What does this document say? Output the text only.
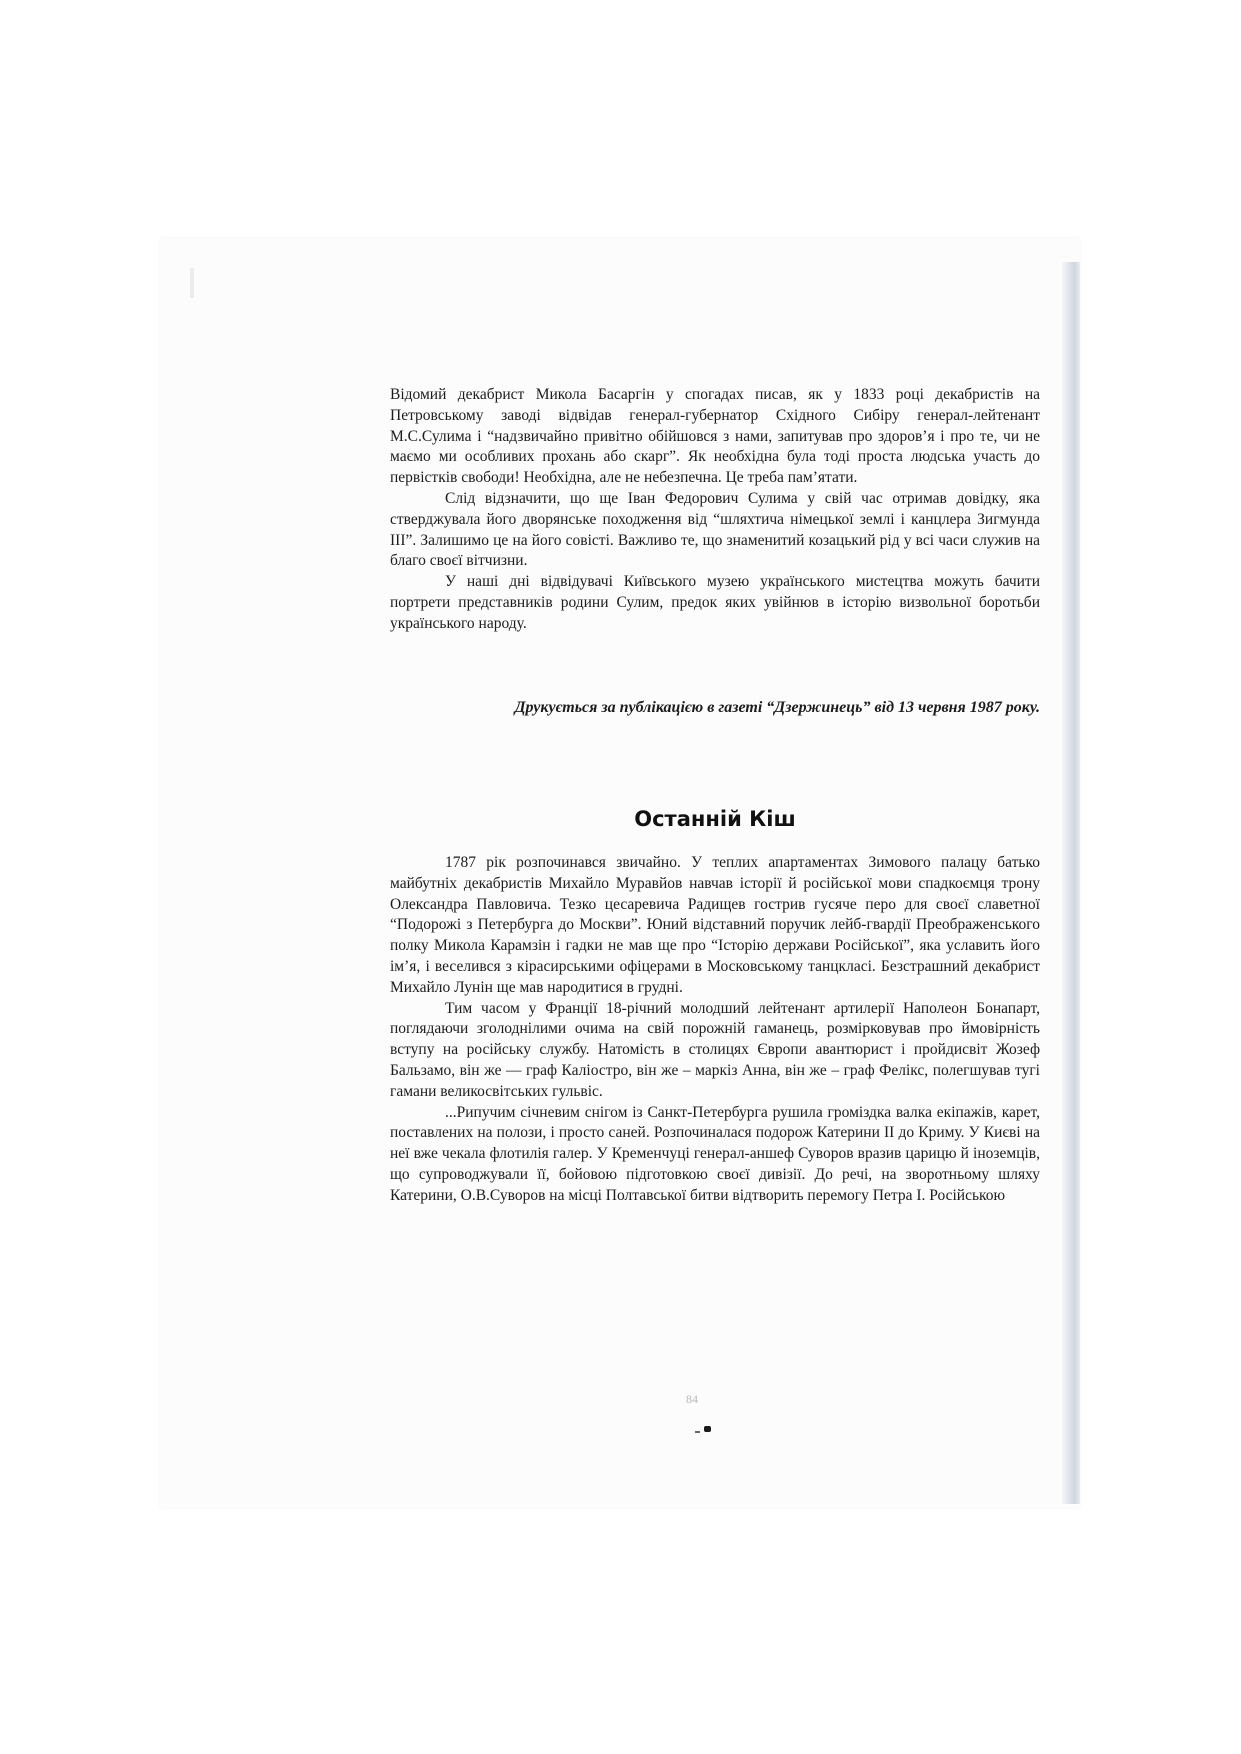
Відомий декабрист Микола Басаргін у спогадах писав, як у 1833 році декабристів на Петровському заводі відвідав генерал-губернатор Східного Сибіру генерал-лейтенант М.С.Сулима і “надзвичайно привітно обійшовся з нами, запитував про здоров’я і про те, чи не маємо ми особливих прохань або скарг”. Як необхідна була тоді проста людська участь до первістків свободи! Необхідна, але не небезпечна. Це треба пам’ятати.

Слід відзначити, що ще Іван Федорович Сулима у свій час отримав довідку, яка стверджувала його дворянське походження від “шляхтича німецької землі і канцлера Зигмунда III”. Залишимо це на його совісті. Важливо те, що знаменитий козацький рід у всі часи служив на благо своєї вітчизни.

У наші дні відвідувачі Київського музею українського мистецтва можуть бачити портрети представників родини Сулим, предок яких увійнюв в історію визвольної боротьби українського народу.

Друкується за публікацією в газеті “Дзержинець” від 13 червня 1987 року.
Останній Кіш

1787 рік розпочинався звичайно. У теплих апартаментах Зимового палацу батько майбутніх декабристів Михайло Муравйов навчав історії й російської мови спадкоємця трону Олександра Павловича. Тезко цесаревича Радищев гострив гусяче перо для своєї славетної “Подорожі з Петербурга до Москви”. Юний відставний поручик лейб-гвардії Преображенського полку Микола Карамзін і гадки не мав ще про “Історію держави Російської”, яка уславить його ім’я, і веселився з кірасирськими офіцерами в Московському танцкласі. Безстрашний декабрист Михайло Лунін ще мав народитися в грудні.

Тим часом у Франції 18-річний молодший лейтенант артилерії Наполеон Бонапарт, поглядаючи зголоднілими очима на свій порожній гаманець, розмірковував про ймовірність вступу на російську службу. Натомість в столицях Європи авантюрист і пройдисвіт Жозеф Бальзамо, він же — граф Каліостро, він же – маркіз Анна, він же – граф Фелікс, полегшував тугі гамани великосвітських гульвіс.

...Рипучим січневим снігом із Санкт-Петербурга рушила громіздка валка екіпажів, карет, поставлених на полози, і просто саней. Розпочиналася подорож Катерини ІІ до Криму. У Києві на неї вже чекала флотилія галер. У Кременчуці генерал-аншеф Суворов вразив царицю й іноземців, що супроводжували її, бойовою підготовкою своєї дивізії. До речі, на зворотньому шляху Катерини, О.В.Суворов на місці Полтавської битви відтворить перемогу Петра І. Російською

84
